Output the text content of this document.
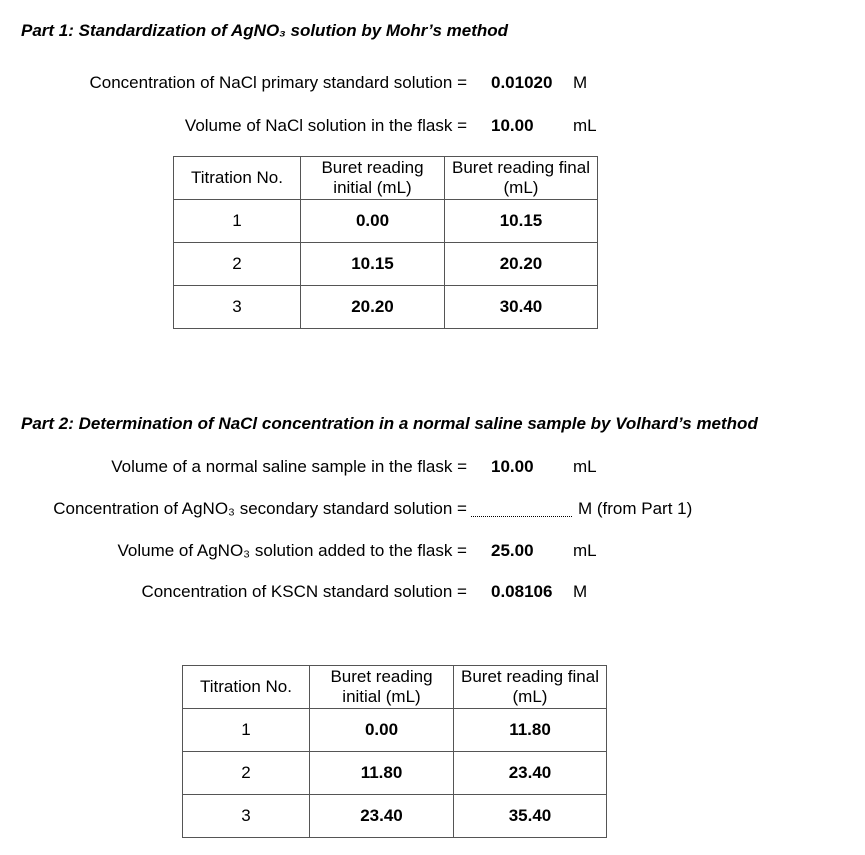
Part 1: Standardization of AgNO₃ solution by Mohr’s method
Concentration of NaCl primary standard solution = 0.01020 M
Volume of NaCl solution in the flask = 10.00 mL
Titration No.	Buret reading initial (mL)	Buret reading final (mL)
1	0.00	10.15
2	10.15	20.20
3	20.20	30.40
Part 2: Determination of NaCl concentration in a normal saline sample by Volhard’s method
Volume of a normal saline sample in the flask = 10.00 mL
Concentration of AgNO₃ secondary standard solution =	M (from Part 1)
Volume of AgNO₃ solution added to the flask = 25.00 mL
Concentration of KSCN standard solution = 0.08106 M
Titration No.	Buret reading initial (mL)	Buret reading final (mL)
1	0.00	11.80
2	11.80	23.40
3	23.40	35.40
